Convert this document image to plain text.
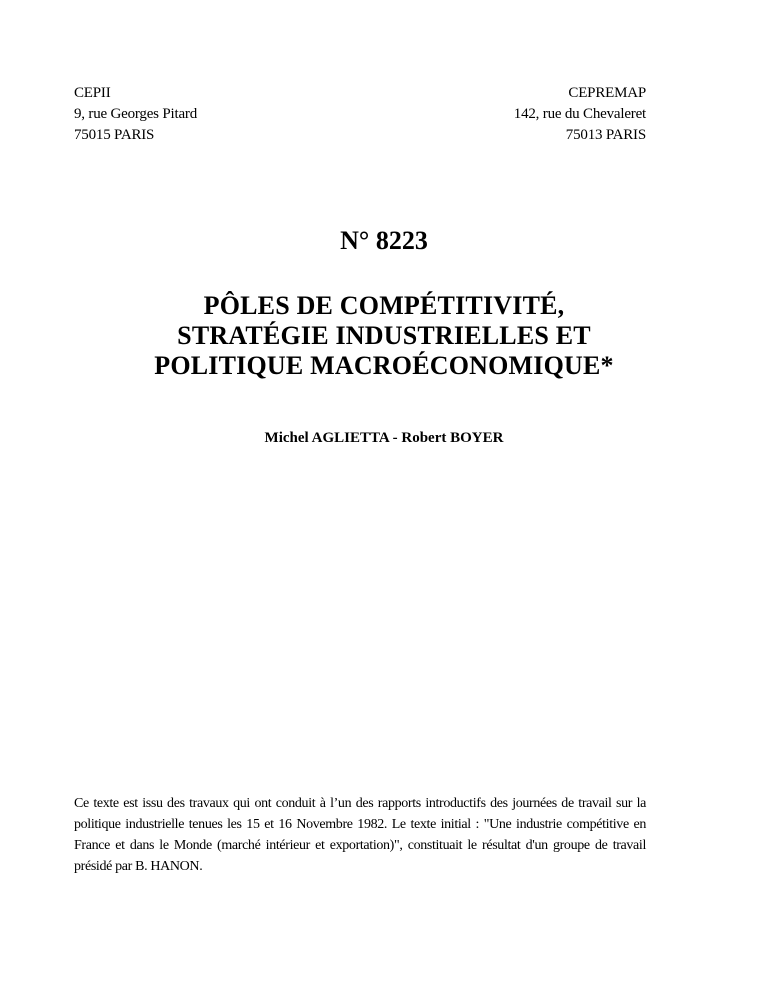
CEPII
9, rue Georges Pitard
75015 PARIS
CEPREMAP
142, rue du Chevaleret
75013 PARIS
N° 8223
PÔLES DE COMPÉTITIVITÉ,
STRATÉGIE INDUSTRIELLES ET
POLITIQUE MACROÉCONOMIQUE*
Michel AGLIETTA - Robert BOYER
Ce texte est issu des travaux qui ont conduit à l’un des rapports introductifs des journées de travail sur la politique industrielle tenues les 15 et 16 Novembre 1982. Le texte initial : "Une industrie compétitive en France et dans le Monde (marché intérieur et exportation)", constituait le résultat d'un groupe de travail présidé par B. HANON.
